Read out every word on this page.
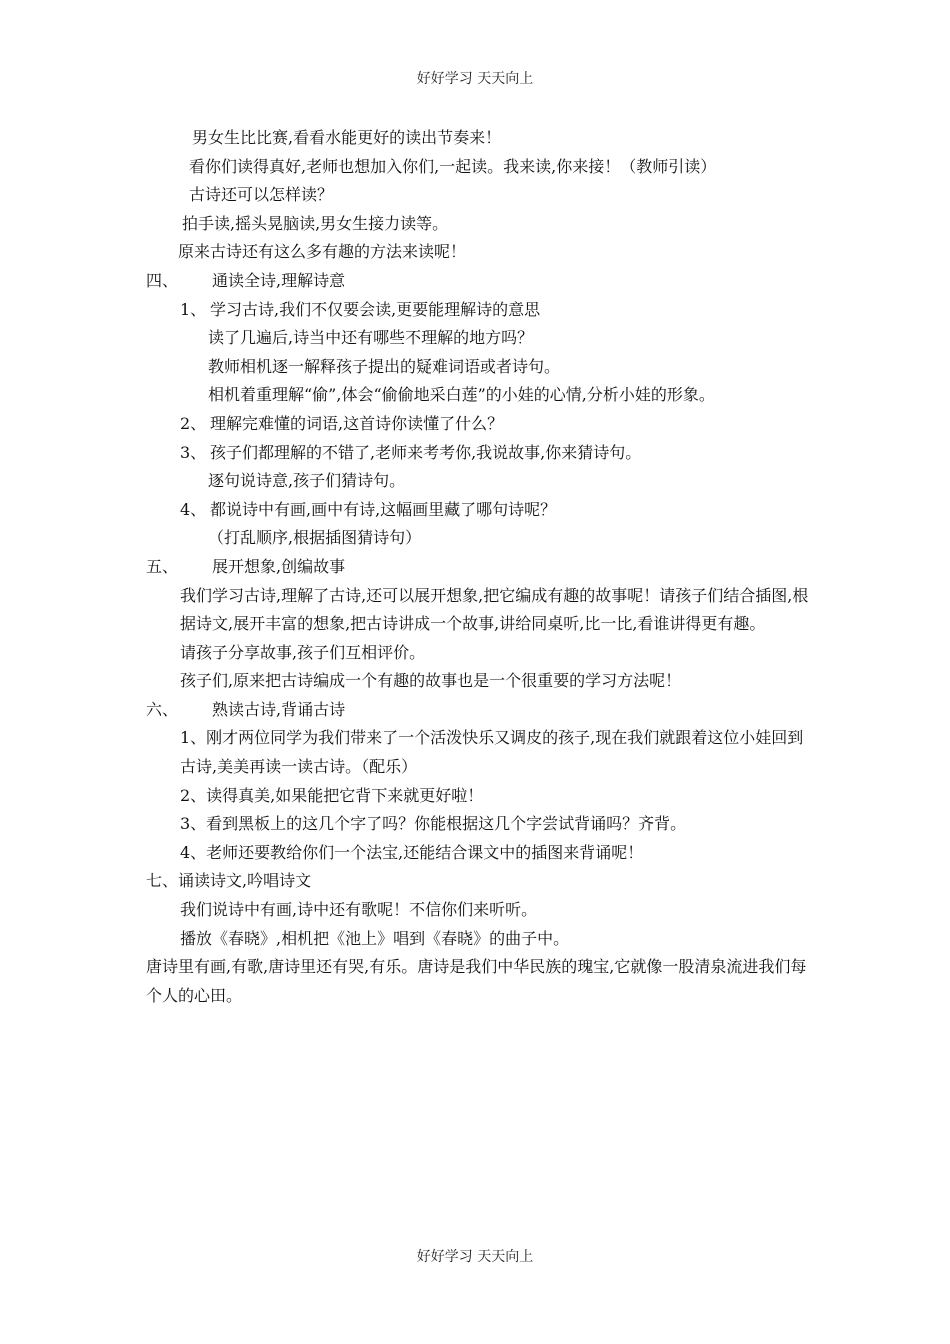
好好学习 天天向上
男女生比比赛,看看水能更好的读出节奏来！
看你们读得真好,老师也想加入你们,一起读。我来读,你来接！（教师引读）
古诗还可以怎样读？
拍手读,摇头晃脑读,男女生接力读等。
原来古诗还有这么多有趣的方法来读呢！
四、	通读全诗,理解诗意
1、 学习古诗,我们不仅要会读,更要能理解诗的意思
读了几遍后,诗当中还有哪些不理解的地方吗？
教师相机逐一解释孩子提出的疑难词语或者诗句。
相机着重理解“偷”,体会“偷偷地采白莲”的小娃的心情,分析小娃的形象。
2、 理解完难懂的词语,这首诗你读懂了什么？
3、 孩子们都理解的不错了,老师来考考你,我说故事,你来猜诗句。
逐句说诗意,孩子们猜诗句。
4、 都说诗中有画,画中有诗,这幅画里藏了哪句诗呢？
（打乱顺序,根据插图猜诗句）
五、	展开想象,创编故事
我们学习古诗,理解了古诗,还可以展开想象,把它编成有趣的故事呢！请孩子们结合插图,根据诗文,展开丰富的想象,把古诗讲成一个故事,讲给同桌听,比一比,看谁讲得更有趣。
请孩子分享故事,孩子们互相评价。
孩子们,原来把古诗编成一个有趣的故事也是一个很重要的学习方法呢！
六、	熟读古诗,背诵古诗
1、刚才两位同学为我们带来了一个活泼快乐又调皮的孩子,现在我们就跟着这位小娃回到古诗,美美再读一读古诗。（配乐）
2、读得真美,如果能把它背下来就更好啦！
3、看到黑板上的这几个字了吗？你能根据这几个字尝试背诵吗？齐背。
4、老师还要教给你们一个法宝,还能结合课文中的插图来背诵呢！
七、诵读诗文,吟唱诗文
我们说诗中有画,诗中还有歌呢！不信你们来听听。
播放《春晓》,相机把《池上》唱到《春晓》的曲子中。
唐诗里有画,有歌,唐诗里还有哭,有乐。唐诗是我们中华民族的瑰宝,它就像一股清泉流进我们每个人的心田。
好好学习 天天向上
